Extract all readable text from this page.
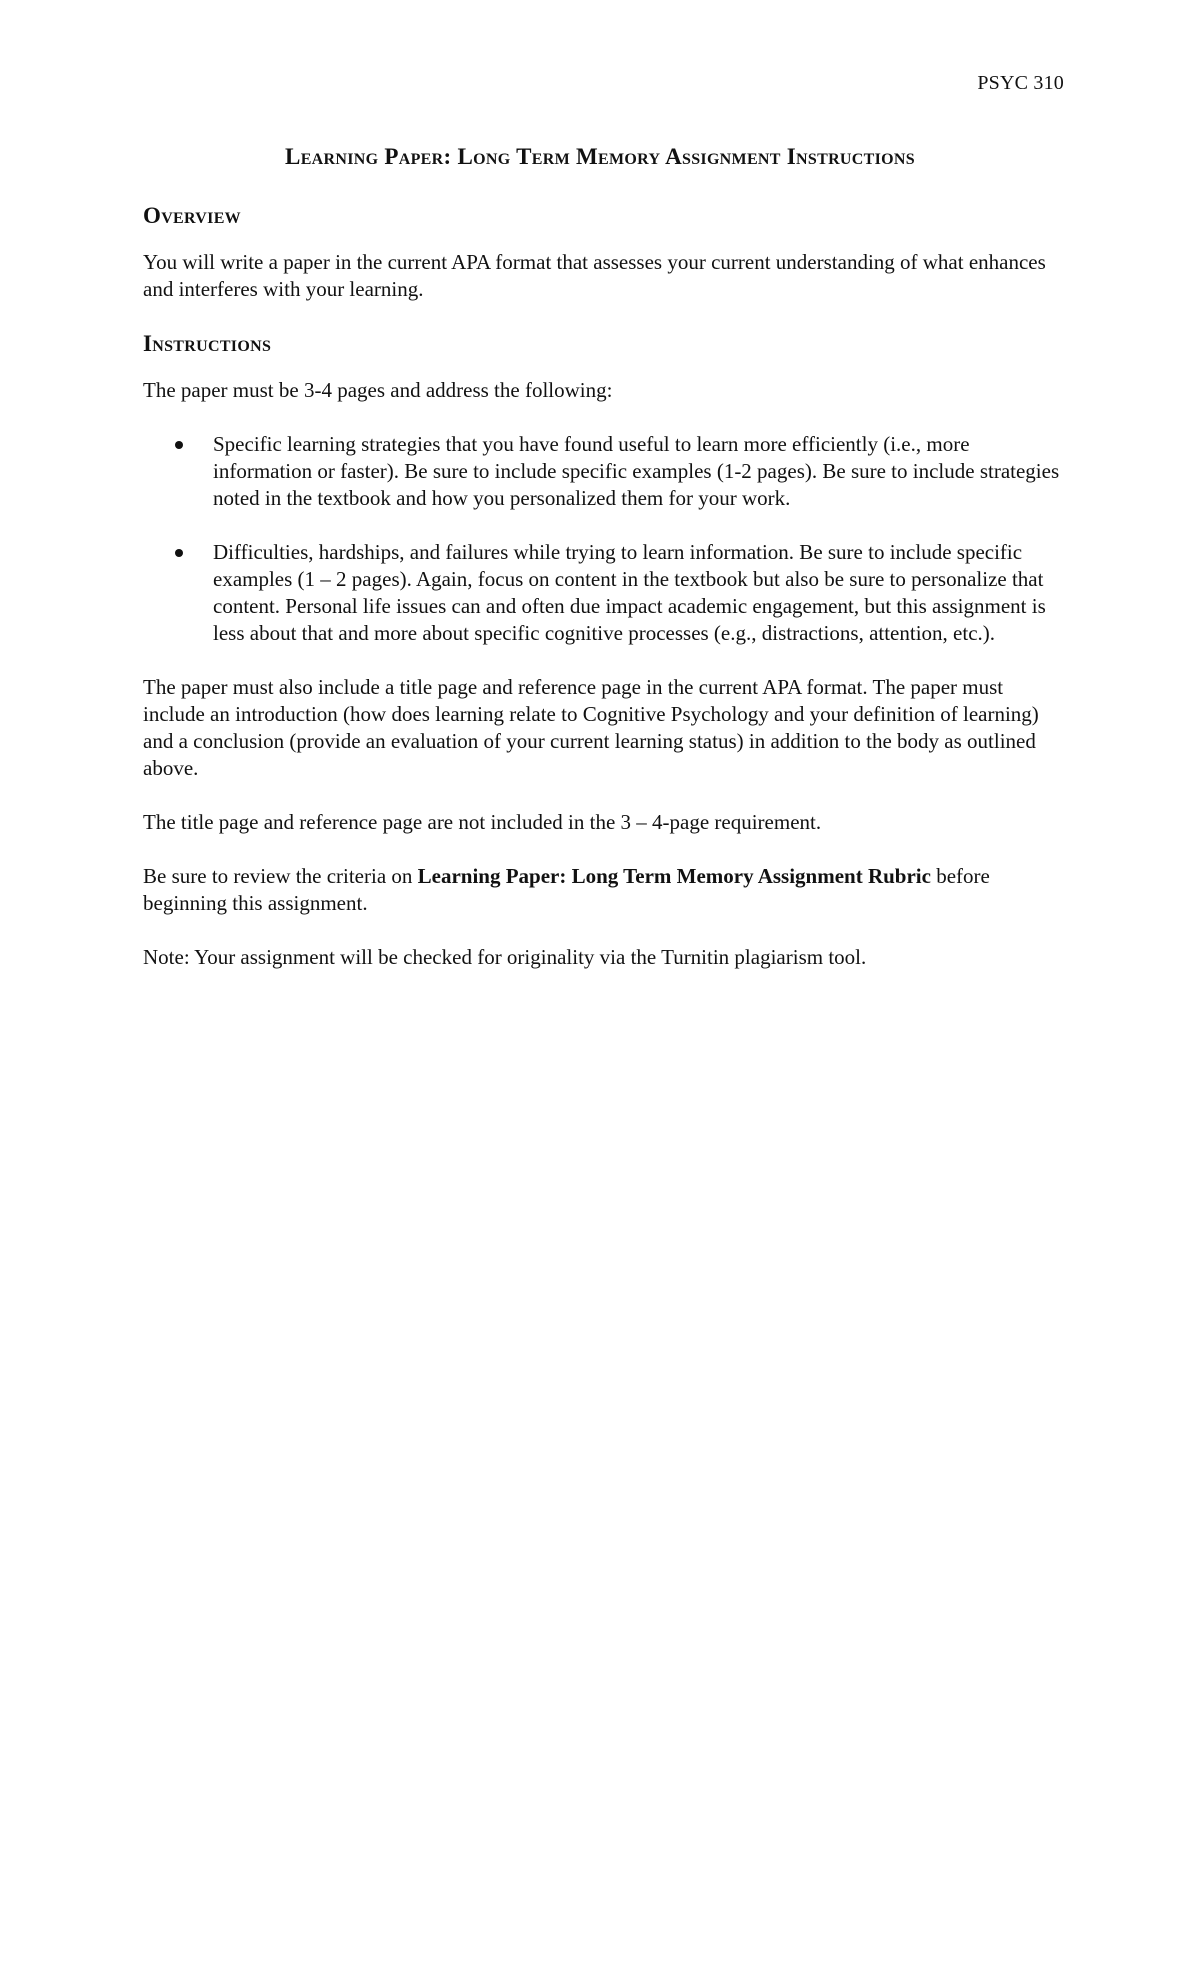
PSYC 310
Learning Paper: Long Term Memory Assignment Instructions
Overview

You will write a paper in the current APA format that assesses your current understanding of what enhances and interferes with your learning.

Instructions

The paper must be 3-4 pages and address the following:

Specific learning strategies that you have found useful to learn more efficiently (i.e., more information or faster). Be sure to include specific examples (1-2 pages). Be sure to include strategies noted in the textbook and how you personalized them for your work.
Difficulties, hardships, and failures while trying to learn information. Be sure to include specific examples (1 – 2 pages). Again, focus on content in the textbook but also be sure to personalize that content. Personal life issues can and often due impact academic engagement, but this assignment is less about that and more about specific cognitive processes (e.g., distractions, attention, etc.).

The paper must also include a title page and reference page in the current APA format. The paper must include an introduction (how does learning relate to Cognitive Psychology and your definition of learning) and a conclusion (provide an evaluation of your current learning status) in addition to the body as outlined above.

The title page and reference page are not included in the 3 – 4-page requirement.

Be sure to review the criteria on Learning Paper: Long Term Memory Assignment Rubric before beginning this assignment.

Note: Your assignment will be checked for originality via the Turnitin plagiarism tool.
